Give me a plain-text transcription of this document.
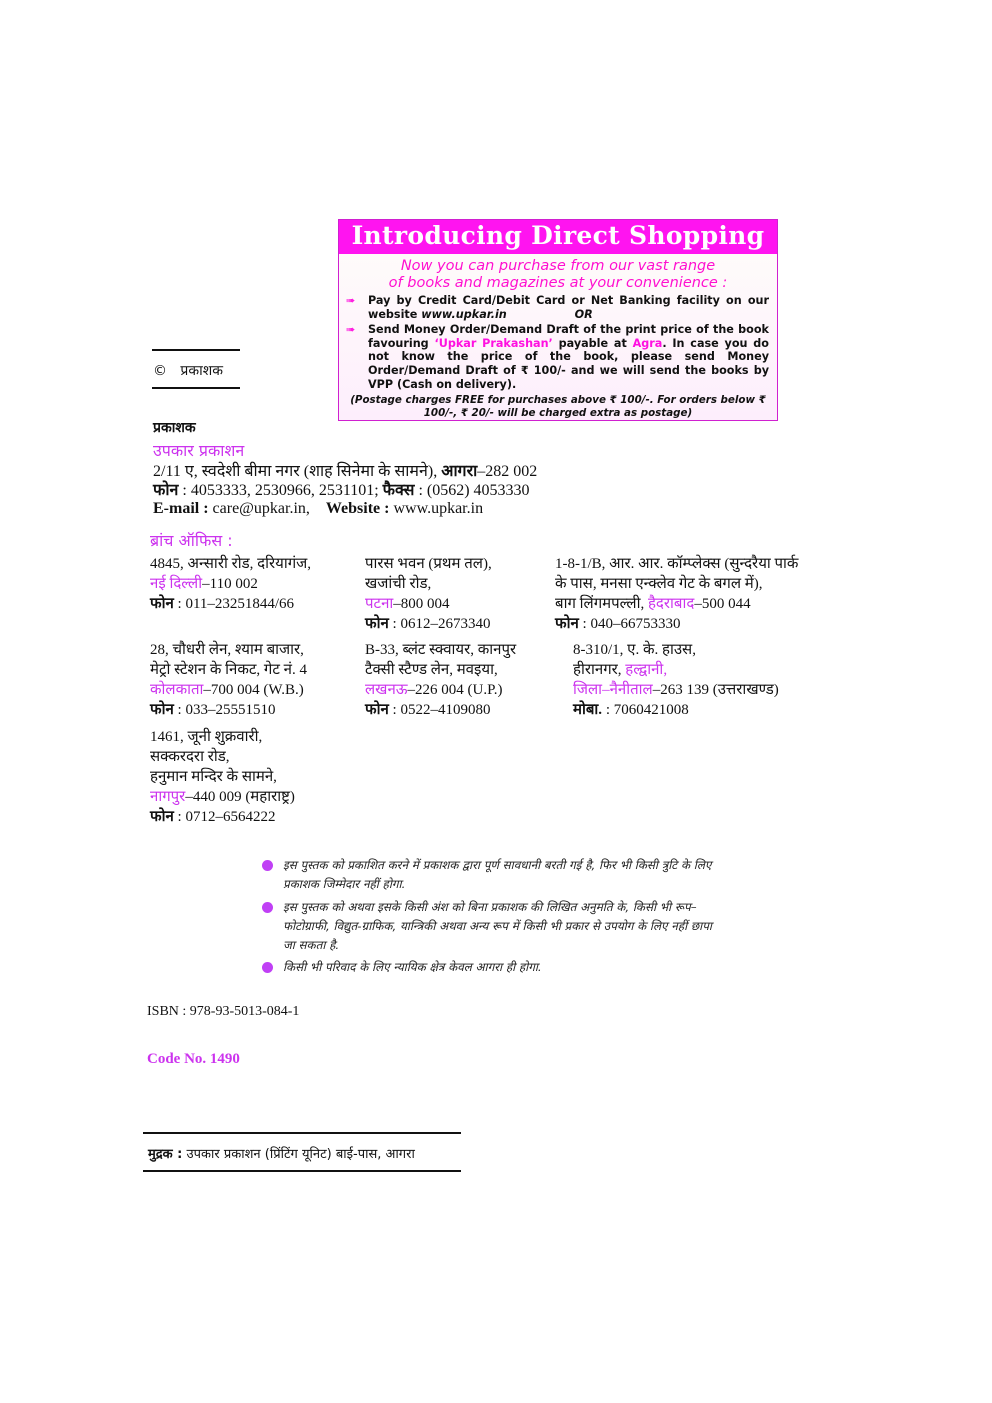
Introducing Direct Shopping
Now you can purchase from our vast range
of books and magazines at your convenience :
➠ Pay by Credit Card/Debit Card or Net Banking facility on our website www.upkar.in	OR
➠ Send Money Order/Demand Draft of the print price of the book favouring ‘Upkar Prakashan’ payable at Agra. In case you do not know the price of the book, please send Money Order/Demand Draft of ₹ 100/- and we will send the books by VPP (Cash on delivery).
(Postage charges FREE for purchases above ₹ 100/-. For orders below ₹ 100/-, ₹ 20/- will be charged extra as postage)
© प्रकाशक
प्रकाशक
उपकार प्रकाशन
2/11 ए, स्वदेशी बीमा नगर (शाह सिनेमा के सामने), आगरा–282 002
फोन : 4053333, 2530966, 2531101; फैक्स : (0562) 4053330
E-mail : care@upkar.in, Website : www.upkar.in
ब्रांच ऑफिस :
4845, अन्सारी रोड, दरियागंज,
नई दिल्ली–110 002
फोन : 011–23251844/66
पारस भवन (प्रथम तल),
खजांची रोड,
पटना–800 004
फोन : 0612–2673340
1-8-1/B, आर. आर. कॉम्प्लेक्स (सुन्दरैया पार्क
के पास, मनसा एन्क्लेव गेट के बगल में),
बाग लिंगमपल्ली, हैदराबाद–500 044
फोन : 040–66753330
28, चौधरी लेन, श्याम बाजार,
मेट्रो स्टेशन के निकट, गेट नं. 4
कोलकाता–700 004 (W.B.)
फोन : 033–25551510
B-33, ब्लंट स्क्वायर, कानपुर
टैक्सी स्टैण्ड लेन, मवइया,
लखनऊ–226 004 (U.P.)
फोन : 0522–4109080
8-310/1, ए. के. हाउस,
हीरानगर, हल्द्वानी,
जिला–नैनीताल–263 139 (उत्तराखण्ड)
मोबा. : 7060421008
1461, जूनी शुक्रवारी,
सक्करदरा रोड,
हनुमान मन्दिर के सामने,
नागपुर–440 009 (महाराष्ट्र)
फोन : 0712–6564222
इस पुस्तक को प्रकाशित करने में प्रकाशक द्वारा पूर्ण सावधानी बरती गई है, फिर भी किसी त्रुटि के लिए प्रकाशक जिम्मेदार नहीं होगा.
इस पुस्तक को अथवा इसके किसी अंश को बिना प्रकाशक की लिखित अनुमति के, किसी भी रूप–फोटोग्राफी, विद्युत-ग्राफिक, यान्त्रिकी अथवा अन्य रूप में किसी भी प्रकार से उपयोग के लिए नहीं छापा जा सकता है.
किसी भी परिवाद के लिए न्यायिक क्षेत्र केवल आगरा ही होगा.
ISBN : 978-93-5013-084-1
Code No. 1490
मुद्रक : उपकार प्रकाशन (प्रिंटिंग यूनिट) बाई-पास, आगरा
